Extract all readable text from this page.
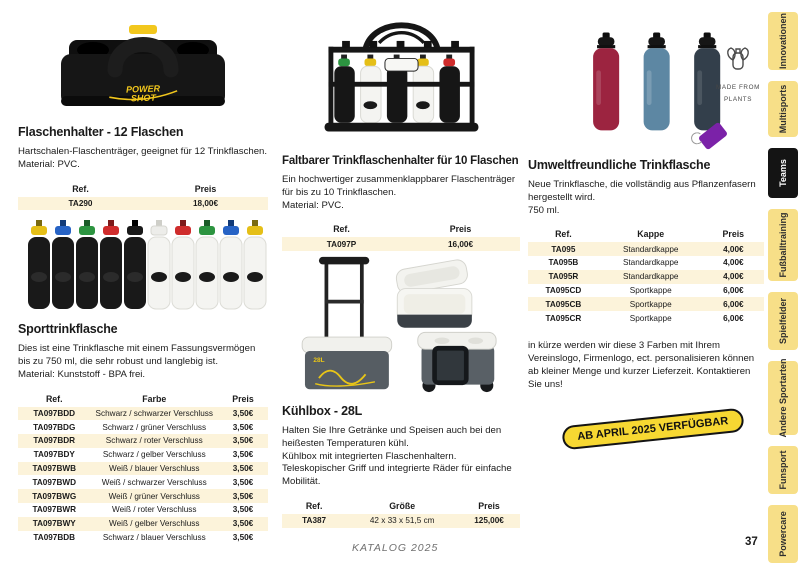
POWER
SHOT
Flaschenhalter - 12 Flaschen

Hartschalen-Flaschenträger, geeignet für 12 Trinkflaschen.

Material: PVC.

Ref.	Preis
TA290	18,00€
Sporttrinkflasche

Dies ist eine Trinkflasche mit einem Fassungsvermögen bis zu 750 ml, die sehr robust und langlebig ist.

Material: Kunststoff - BPA frei.

Ref.	Farbe	Preis
TA097BDD	Schwarz / schwarzer Verschluss	3,50€
TA097BDG	Schwarz / grüner Verschluss	3,50€
TA097BDR	Schwarz / roter Verschluss	3,50€
TA097BDY	Schwarz / gelber Verschluss	3,50€
TA097BWB	Weiß / blauer Verschluss	3,50€
TA097BWD	Weiß / schwarzer Verschluss	3,50€
TA097BWG	Weiß / grüner Verschluss	3,50€
TA097BWR	Weiß / roter Verschluss	3,50€
TA097BWY	Weiß / gelber Verschluss	3,50€
TA097BDB	Schwarz / blauer Verschluss	3,50€
Faltbarer Trinkflaschenhalter für 10 Flaschen

Ein hochwertiger zusammenklappbarer Flaschenträger für bis zu 10 Trinkflaschen.

Material: PVC.

Ref.	Preis
TA097P	16,00€
28L
Kühlbox - 28L

Halten Sie Ihre Getränke und Speisen auch bei den heißesten Temperaturen kühl.

Kühlbox mit integrierten Flaschenhaltern.

Teleskopischer Griff und integrierte Räder für einfache Mobilität.

Ref.	Größe	Preis
TA387	42 x 33 x 51,5 cm	125,00€
MADE FROM
PLANTS
Umweltfreundliche Trinkflasche

Neue Trinkflasche, die vollständig aus Pflanzenfasern hergestellt wird.

750 ml.

Ref.	Kappe	Preis
TA095	Standardkappe	4,00€
TA095B	Standardkappe	4,00€
TA095R	Standardkappe	4,00€
TA095CD	Sportkappe	6,00€
TA095CB	Sportkappe	6,00€
TA095CR	Sportkappe	6,00€

in kürze werden wir diese 3 Farben mit Ihrem Vereinslogo, Firmenlogo, ect. personalisieren können ab kleiner Menge und kurzer Lieferzeit. Kontaktieren Sie uns!

AB APRIL 2025 VERFÜGBAR
Innovationen
Multisports
Teams
Fußballtraining
Spielfelder
Andere Sportarten
Funsport
Powercare
KATALOG 2025	37
